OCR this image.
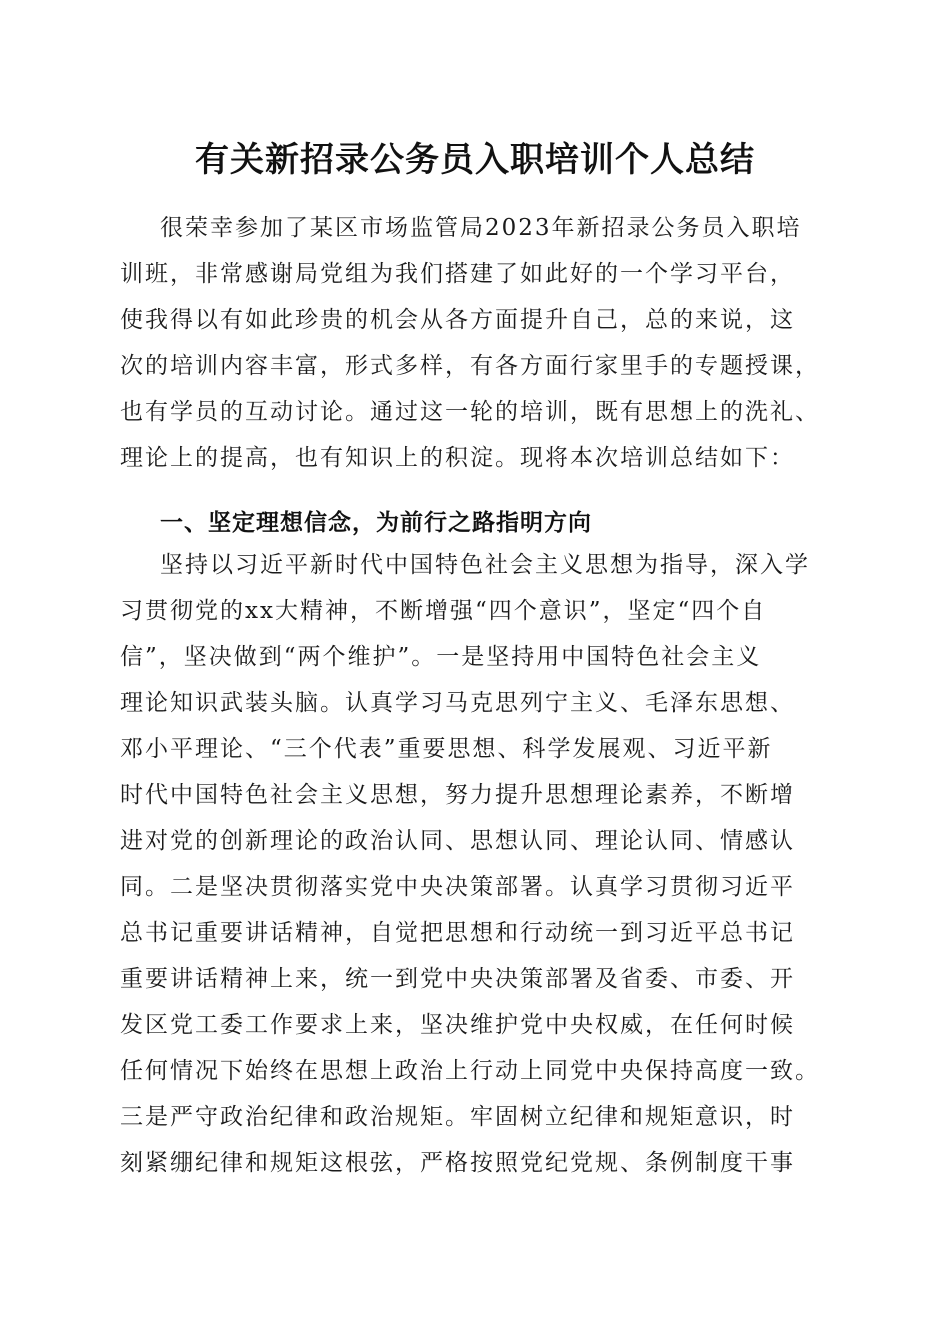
有关新招录公务员入职培训个人总结
很荣幸参加了某区市场监管局2023年新招录公务员入职培
训班，非常感谢局党组为我们搭建了如此好的一个学习平台，
使我得以有如此珍贵的机会从各方面提升自己，总的来说，这
次的培训内容丰富，形式多样，有各方面行家里手的专题授课，
也有学员的互动讨论。通过这一轮的培训，既有思想上的洗礼、
理论上的提高，也有知识上的积淀。现将本次培训总结如下：
一、坚定理想信念，为前行之路指明方向
坚持以习近平新时代中国特色社会主义思想为指导，深入学
习贯彻党的xx大精神，不断增强“四个意识”，坚定“四个自
信”，坚决做到“两个维护”。一是坚持用中国特色社会主义
理论知识武装头脑。认真学习马克思列宁主义、毛泽东思想、
邓小平理论、“三个代表”重要思想、科学发展观、习近平新
时代中国特色社会主义思想，努力提升思想理论素养，不断增
进对党的创新理论的政治认同、思想认同、理论认同、情感认
同。二是坚决贯彻落实党中央决策部署。认真学习贯彻习近平
总书记重要讲话精神，自觉把思想和行动统一到习近平总书记
重要讲话精神上来，统一到党中央决策部署及省委、市委、开
发区党工委工作要求上来，坚决维护党中央权威，在任何时候
任何情况下始终在思想上政治上行动上同党中央保持高度一致。
三是严守政治纪律和政治规矩。牢固树立纪律和规矩意识，时
刻紧绷纪律和规矩这根弦，严格按照党纪党规、条例制度干事
